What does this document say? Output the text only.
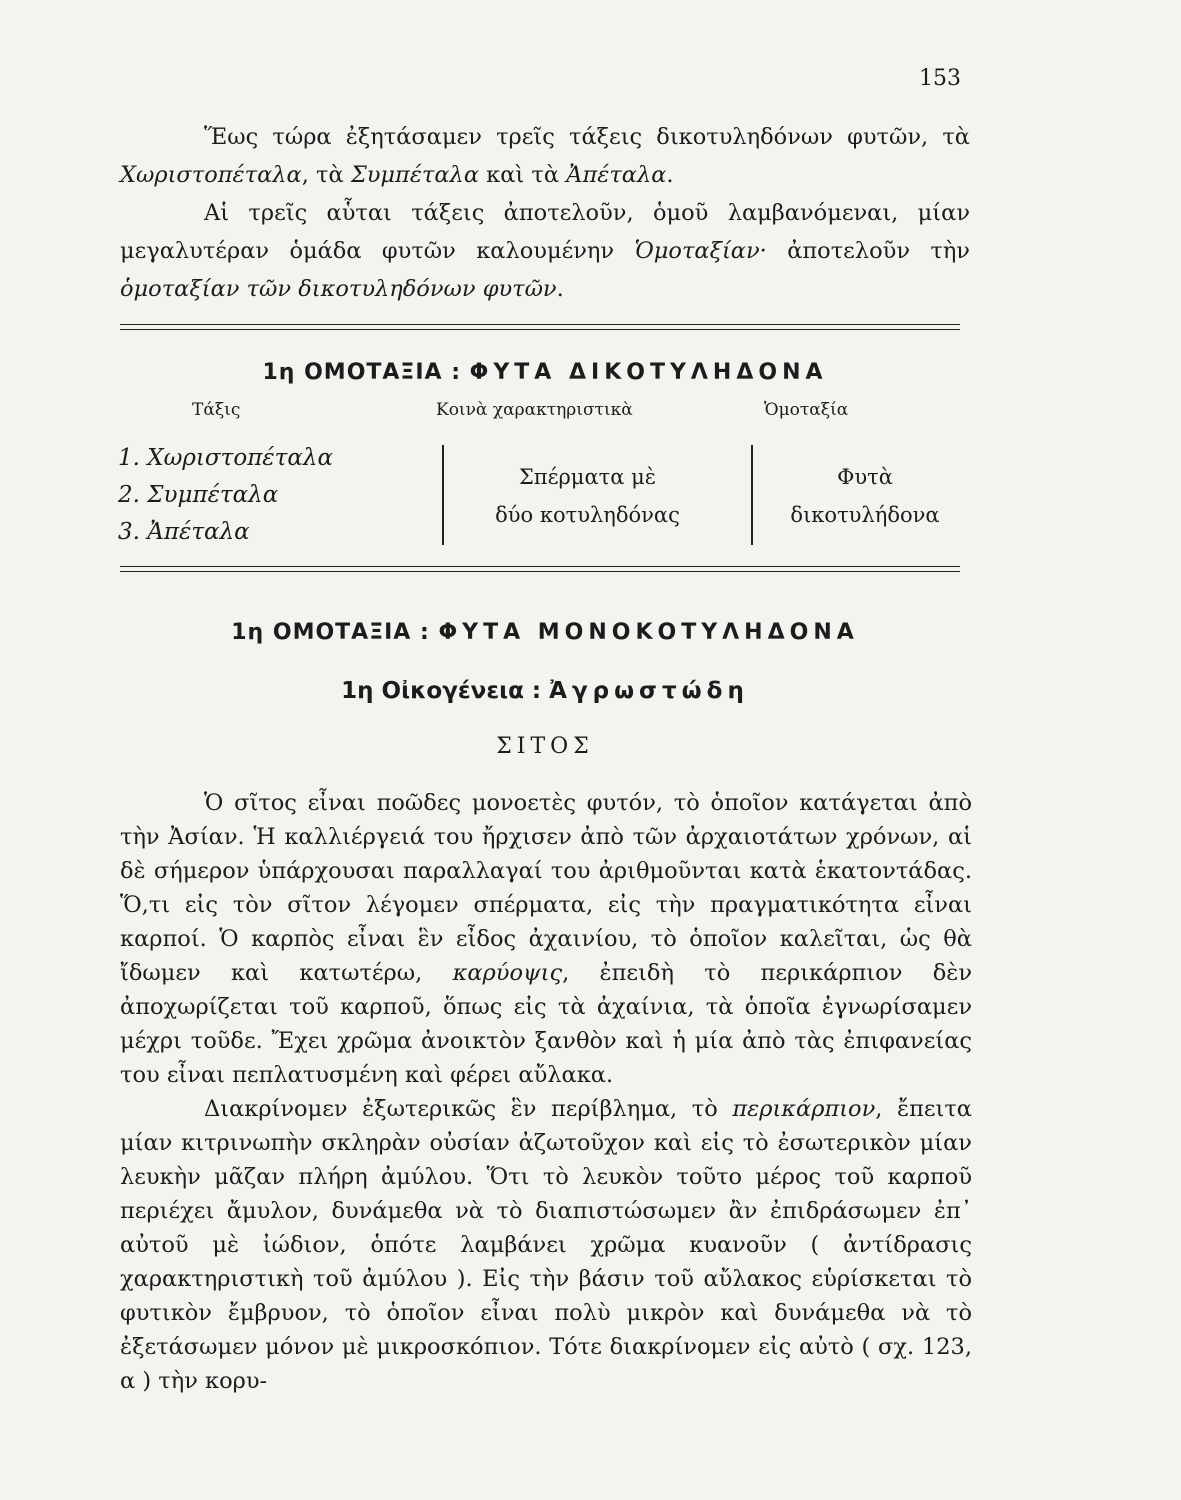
153

Ἕως τώρα ἐξητάσαμεν τρεῖς τάξεις δικοτυληδόνων φυτῶν, τὰ Χωριστοπέταλα, τὰ Συμπέταλα καὶ τὰ Ἀπέταλα.

Αἱ τρεῖς αὗται τάξεις ἀποτελοῦν, ὁμοῦ λαμβανόμεναι, μίαν μεγαλυτέραν ὁμάδα φυτῶν καλουμένην Ὁμοταξίαν· ἀποτελοῦν τὴν ὁμοταξίαν τῶν δικοτυληδόνων φυτῶν.

1η ΟΜΟΤΑΞΙΑ : ΦΥΤΑ ΔΙΚΟΤΥΛΗΔΟΝΑ
Τάξις	Κοινὰ χαρακτηριστικὰ	Ὁμοταξία
1. Χωριστοπέταλα
2. Συμπέταλα
3. Ἀπέταλα
Σπέρματα μὲ
δύο κοτυληδόνας
Φυτὰ
δικοτυλήδονα
1η ΟΜΟΤΑΞΙΑ : ΦΥΤΑ ΜΟΝΟΚΟΤΥΛΗΔΟΝΑ
1η Οἰκογένεια : Ἀγρωστώδη
ΣΙΤΟΣ

Ὁ σῖτος εἶναι ποῶδες μονοετὲς φυτόν, τὸ ὁποῖον κατάγεται ἀπὸ τὴν Ἀσίαν. Ἡ καλλιέργειά του ἤρχισεν ἀπὸ τῶν ἀρχαιοτάτων χρόνων, αἱ δὲ σήμερον ὑπάρχουσαι παραλλαγαί του ἀριθμοῦνται κατὰ ἑκατοντάδας. Ὅ,τι εἰς τὸν σῖτον λέγομεν σπέρματα, εἰς τὴν πραγματικότητα εἶναι καρποί. Ὁ καρπὸς εἶναι ἓν εἶδος ἀχαινίου, τὸ ὁποῖον καλεῖται, ὡς θὰ ἴδωμεν καὶ κατωτέρω, καρύοψις, ἐπειδὴ τὸ περικάρπιον δὲν ἀποχωρίζεται τοῦ καρποῦ, ὅπως εἰς τὰ ἀχαίνια, τὰ ὁποῖα ἐγνωρίσαμεν μέχρι τοῦδε. Ἔχει χρῶμα ἀνοικτὸν ξανθὸν καὶ ἡ μία ἀπὸ τὰς ἐπιφανείας του εἶναι πεπλατυσμένη καὶ φέρει αὔλακα.

Διακρίνομεν ἐξωτερικῶς ἓν περίβλημα, τὸ περικάρπιον, ἔπειτα μίαν κιτρινωπὴν σκληρὰν οὐσίαν ἀζωτοῦχον καὶ εἰς τὸ ἐσωτερικὸν μίαν λευκὴν μᾶζαν πλήρη ἀμύλου. Ὅτι τὸ λευκὸν τοῦτο μέρος τοῦ καρποῦ περιέχει ἄμυλον, δυνάμεθα νὰ τὸ διαπιστώσωμεν ἂν ἐπιδράσωμεν ἐπ᾽ αὐτοῦ μὲ ἰώδιον, ὁπότε λαμβάνει χρῶμα κυανοῦν ( ἀντίδρασις χαρακτηριστικὴ τοῦ ἀμύλου ). Εἰς τὴν βάσιν τοῦ αὔλακος εὑρίσκεται τὸ φυτικὸν ἔμβρυον, τὸ ὁποῖον εἶναι πολὺ μικρὸν καὶ δυνάμεθα νὰ τὸ ἐξετάσωμεν μόνον μὲ μικροσκόπιον. Τότε διακρίνομεν εἰς αὐτὸ ( σχ. 123, α ) τὴν κορυ-
